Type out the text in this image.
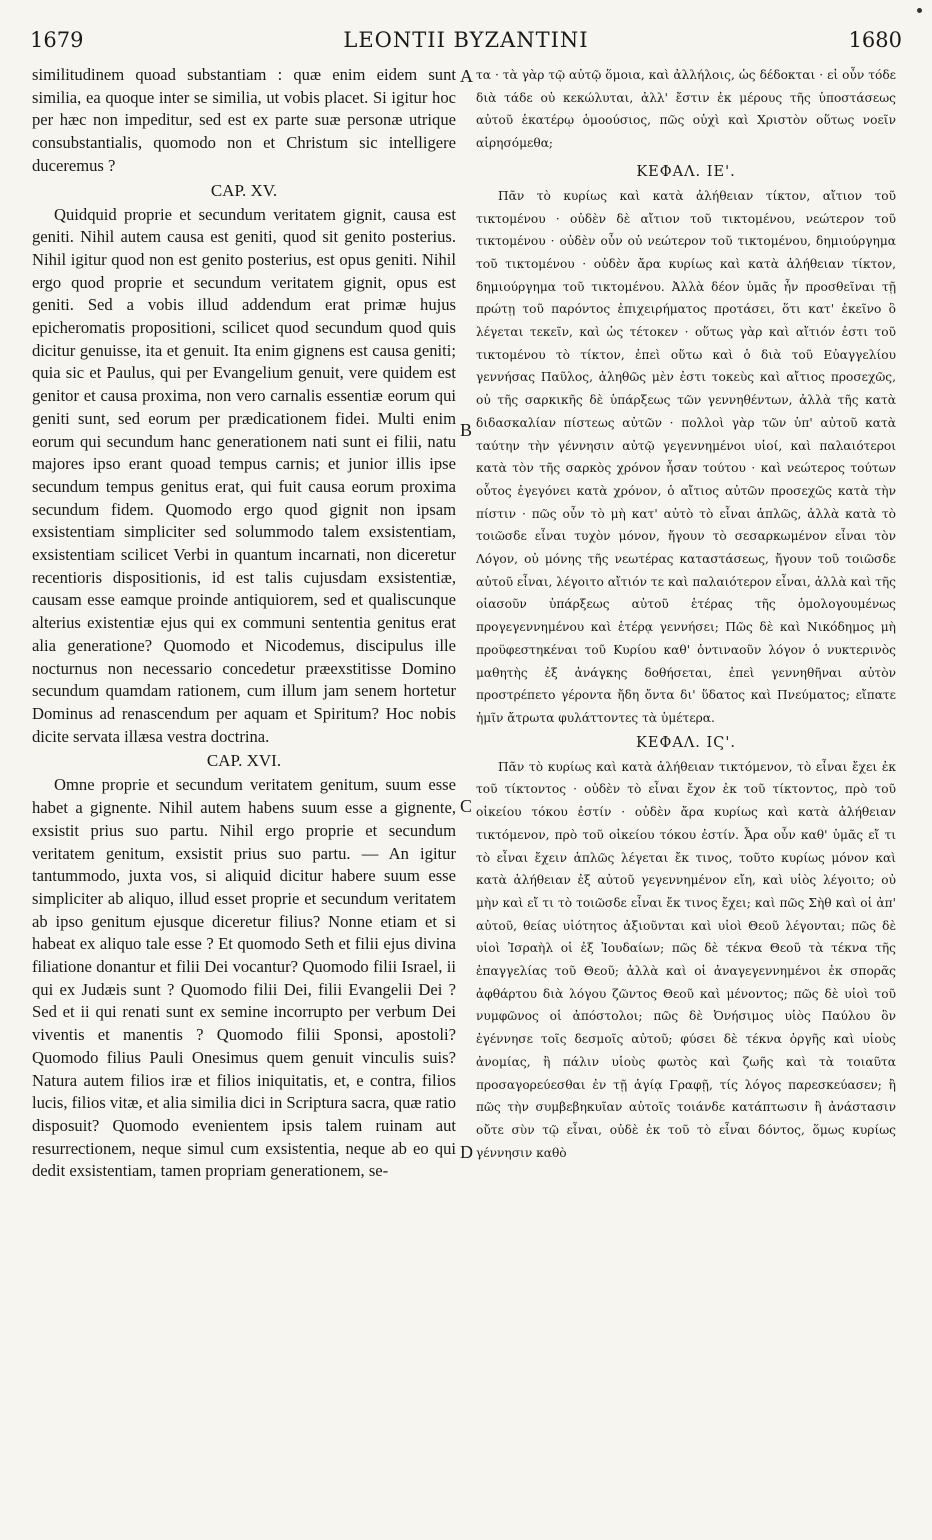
1679	LEONTII BYZANTINI	1680

similitudinem quoad substantiam : quæ enim eidem sunt similia, ea quoque inter se similia, ut vobis placet. Si igitur hoc per hæc non impeditur, sed est ex parte suæ personæ utrique consubstantialis, quomodo non et Christum sic intelligere duceremus ?

CAP. XV.

Quidquid proprie et secundum veritatem gignit, causa est geniti. Nihil autem causa est geniti, quod sit genito posterius. Nihil igitur quod non est genito posterius, est opus geniti. Nihil ergo quod proprie et secundum veritatem gignit, opus est geniti. Sed a vobis illud addendum erat primæ hujus epicheromatis propositioni, scilicet quod secundum quod quis dicitur genuisse, ita et genuit. Ita enim gignens est causa geniti; quia sic et Paulus, qui per Evangelium genuit, vere quidem est genitor et causa proxima, non vero carnalis essentiæ eorum qui geniti sunt, sed eorum per prædicationem fidei. Multi enim eorum qui secundum hanc generationem nati sunt ei filii, natu majores ipso erant quoad tempus carnis; et junior illis ipse secundum tempus genitus erat, qui fuit causa eorum proxima secundum fidem. Quomodo ergo quod gignit non ipsam exsistentiam simpliciter sed solummodo talem exsistentiam, exsistentiam scilicet Verbi in quantum incarnati, non diceretur recentioris dispositionis, id est talis cujusdam exsistentiæ, causam esse eamque proinde antiquiorem, sed et qualiscunque alterius existentiæ ejus qui ex communi sententia genitus erat alia generatione? Quomodo et Nicodemus, discipulus ille nocturnus non necessario concedetur præexstitisse Domino secundum quamdam rationem, cum illum jam senem hortetur Dominus ad renascendum per aquam et Spiritum? Hoc nobis dicite servata illæsa vestra doctrina.

CAP. XVI.

Omne proprie et secundum veritatem genitum, suum esse habet a gignente. Nihil autem habens suum esse a gignente, exsistit prius suo partu. Nihil ergo proprie et secundum veritatem genitum, exsistit prius suo partu. — An igitur tantummodo, juxta vos, si aliquid dicitur habere suum esse simpliciter ab aliquo, illud esset proprie et secundum veritatem ab ipso genitum ejusque diceretur filius? Nonne etiam et si habeat ex aliquo tale esse ? Et quomodo Seth et filii ejus divina filiatione donantur et filii Dei vocantur? Quomodo filii Israel, ii qui ex Judæis sunt ? Quomodo filii Dei, filii Evangelii Dei ? Sed et ii qui renati sunt ex semine incorrupto per verbum Dei viventis et manentis ? Quomodo filii Sponsi, apostoli? Quomodo filius Pauli Onesimus quem genuit vinculis suis? Natura autem filios iræ et filios iniquitatis, et, e contra, filios lucis, filios vitæ, et alia similia dici in Scriptura sacra, quæ ratio disposuit? Quomodo evenientem ipsis talem ruinam aut resurrectionem, neque simul cum exsistentia, neque ab eo qui dedit exsistentiam, tamen propriam generationem, se-

A
B
C
D

τα · τὰ γὰρ τῷ αὐτῷ ὅμοια, καὶ ἀλλήλοις, ὡς δέδοκται · εἰ οὖν τόδε διὰ τάδε οὐ κεκώλυται, ἀλλ' ἔστιν ἐκ μέρους τῆς ὑποστάσεως αὐτοῦ ἑκατέρῳ ὁμοούσιος, πῶς οὐχὶ καὶ Χριστὸν οὕτως νοεῖν αἱρησόμεθα;

ΚΕΦΑΛ. ΙΕ'.

Πᾶν τὸ κυρίως καὶ κατὰ ἀλήθειαν τίκτον, αἴτιον τοῦ τικτομένου · οὐδὲν δὲ αἴτιον τοῦ τικτομένου, νεώτερον τοῦ τικτομένου · οὐδὲν οὖν οὐ νεώτερον τοῦ τικτομένου, δημιούργημα τοῦ τικτομένου · οὐδὲν ἄρα κυρίως καὶ κατὰ ἀλήθειαν τίκτον, δημιούργημα τοῦ τικτομένου. Ἀλλὰ δέον ὑμᾶς ἦν προσθεῖναι τῇ πρώτῃ τοῦ παρόντος ἐπιχειρήματος προτάσει, ὅτι κατ' ἐκεῖνο ὃ λέγεται τεκεῖν, καὶ ὡς τέτοκεν · οὕτως γὰρ καὶ αἴτιόν ἐστι τοῦ τικτομένου τὸ τίκτον, ἐπεὶ οὕτω καὶ ὁ διὰ τοῦ Εὐαγγελίου γεννήσας Παῦλος, ἀληθῶς μὲν ἐστι τοκεὺς καὶ αἴτιος προσεχῶς, οὐ τῆς σαρκικῆς δὲ ὑπάρξεως τῶν γεννηθέντων, ἀλλὰ τῆς κατὰ διδασκαλίαν πίστεως αὐτῶν · πολλοὶ γὰρ τῶν ὑπ' αὐτοῦ κατὰ ταύτην τὴν γέννησιν αὐτῷ γεγεννημένοι υἱοί, καὶ παλαιότεροι κατὰ τὸν τῆς σαρκὸς χρόνον ἦσαν τούτου · καὶ νεώτερος τούτων οὗτος ἐγεγόνει κατὰ χρόνον, ὁ αἴτιος αὐτῶν προσεχῶς κατὰ τὴν πίστιν · πῶς οὖν τὸ μὴ κατ' αὐτὸ τὸ εἶναι ἁπλῶς, ἀλλὰ κατὰ τὸ τοιῶσδε εἶναι τυχὸν μόνον, ἤγουν τὸ σεσαρκωμένον εἶναι τὸν Λόγον, οὐ μόνης τῆς νεωτέρας καταστάσεως, ἤγουν τοῦ τοιῶσδε αὐτοῦ εἶναι, λέγοιτο αἴτιόν τε καὶ παλαιότερον εἶναι, ἀλλὰ καὶ τῆς οἱασοῦν ὑπάρξεως αὐτοῦ ἑτέρας τῆς ὁμολογουμένως προγεγεννημένου καὶ ἑτέρᾳ γεννήσει; Πῶς δὲ καὶ Νικόδημος μὴ προϋφεστηκέναι τοῦ Κυρίου καθ' ὁντιναοῦν λόγον ὁ νυκτερινὸς μαθητὴς ἐξ ἀνάγκης δοθήσεται, ἐπεὶ γεννηθῆναι αὐτὸν προστρέπετο γέροντα ἤδη ὄντα δι' ὕδατος καὶ Πνεύματος; εἴπατε ἡμῖν ἄτρωτα φυλάττοντες τὰ ὑμέτερα.

ΚΕΦΑΛ. ΙϚ'.

Πᾶν τὸ κυρίως καὶ κατὰ ἀλήθειαν τικτόμενον, τὸ εἶναι ἔχει ἐκ τοῦ τίκτοντος · οὐδὲν τὸ εἶναι ἔχον ἐκ τοῦ τίκτοντος, πρὸ τοῦ οἰκείου τόκου ἐστίν · οὐδὲν ἄρα κυρίως καὶ κατὰ ἀλήθειαν τικτόμενον, πρὸ τοῦ οἰκείου τόκου ἐστίν. Ἆρα οὖν καθ' ὑμᾶς εἴ τι τὸ εἶναι ἔχειν ἁπλῶς λέγεται ἔκ τινος, τοῦτο κυρίως μόνον καὶ κατὰ ἀλήθειαν ἐξ αὐτοῦ γεγεννημένον εἴη, καὶ υἱὸς λέγοιτο; οὐ μὴν καὶ εἴ τι τὸ τοιῶσδε εἶναι ἔκ τινος ἔχει; καὶ πῶς Σὴθ καὶ οἱ ἀπ' αὐτοῦ, θείας υἱότητος ἀξιοῦνται καὶ υἱοὶ Θεοῦ λέγονται; πῶς δὲ υἱοὶ Ἰσραὴλ οἱ ἐξ Ἰουδαίων; πῶς δὲ τέκνα Θεοῦ τὰ τέκνα τῆς ἐπαγγελίας τοῦ Θεοῦ; ἀλλὰ καὶ οἱ ἀναγεγεννημένοι ἐκ σπορᾶς ἀφθάρτου διὰ λόγου ζῶντος Θεοῦ καὶ μένοντος; πῶς δὲ υἱοὶ τοῦ νυμφῶνος οἱ ἀπόστολοι; πῶς δὲ Ὀνήσιμος υἱὸς Παύλου ὃν ἐγέννησε τοῖς δεσμοῖς αὐτοῦ; φύσει δὲ τέκνα ὀργῆς καὶ υἱοὺς ἀνομίας, ἢ πάλιν υἱοὺς φωτὸς καὶ ζωῆς καὶ τὰ τοιαῦτα προσαγορεύεσθαι ἐν τῇ ἁγίᾳ Γραφῇ, τίς λόγος παρεσκεύασεν; ἢ πῶς τὴν συμβεβηκυῖαν αὐτοῖς τοιάνδε κατάπτωσιν ἢ ἀνάστασιν οὔτε σὺν τῷ εἶναι, οὐδὲ ἐκ τοῦ τὸ εἶναι δόντος, ὅμως κυρίως γέννησιν καθὸ
